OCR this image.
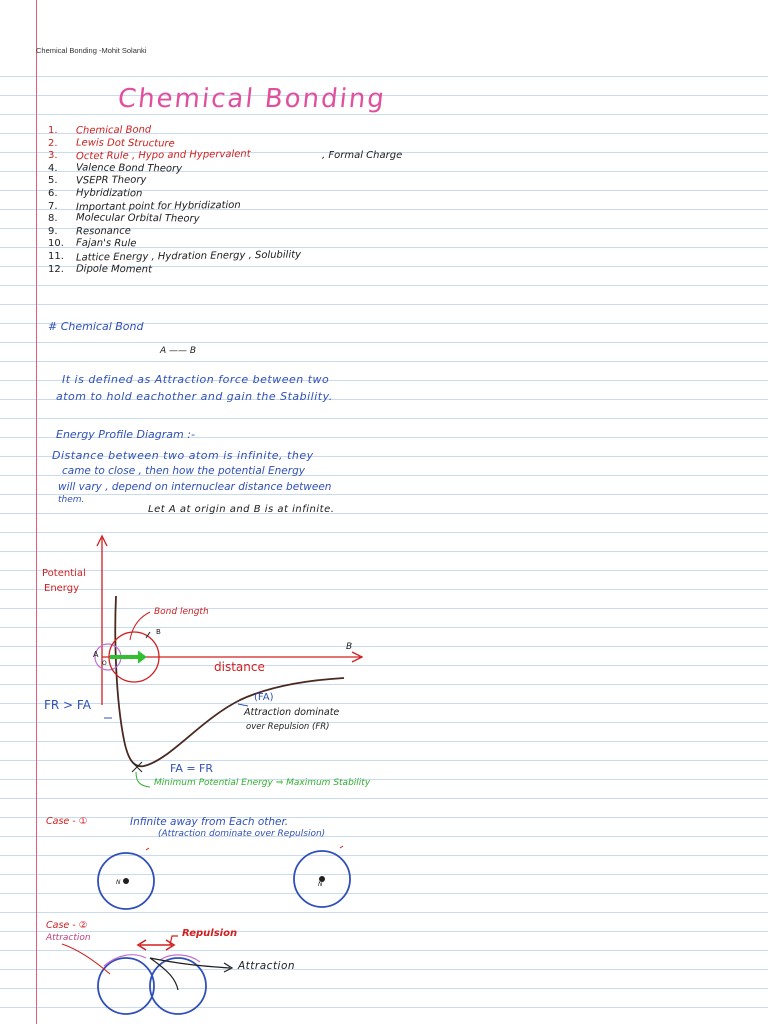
Chemical Bonding -Mohit Solanki
Chemical Bonding
1. Chemical Bond
2. Lewis Dot Structure
3. Octet Rule , Hypo and Hypervalent	, Formal Charge
4. Valence Bond Theory
5. VSEPR Theory
6. Hybridization
7. Important point for Hybridization
8. Molecular Orbital Theory
9. Resonance
10. Fajan's Rule
11. Lattice Energy , Hydration Energy , Solubility
12. Dipole Moment
# Chemical Bond
A —— B
It is defined as Attraction force between two
atom to hold eachother and gain the Stability.
Energy Profile Diagram :-
Distance between two atom is infinite, they
came to close , then how the potential Energy
will vary , depend on internuclear distance between
them.
Let A at origin and B is at infinite.
Potential
Energy
Bond length
A
O
B
B
distance
FR > FA
(FA)
Attraction dominate
over Repulsion (FR)
FA = FR
Minimum Potential Energy ⇒ Maximum Stability
Case - ①	Infinite away from Each other.
(Attraction dominate over Repulsion)
N	N
Case - ②
Attraction	Repulsion
Attraction
